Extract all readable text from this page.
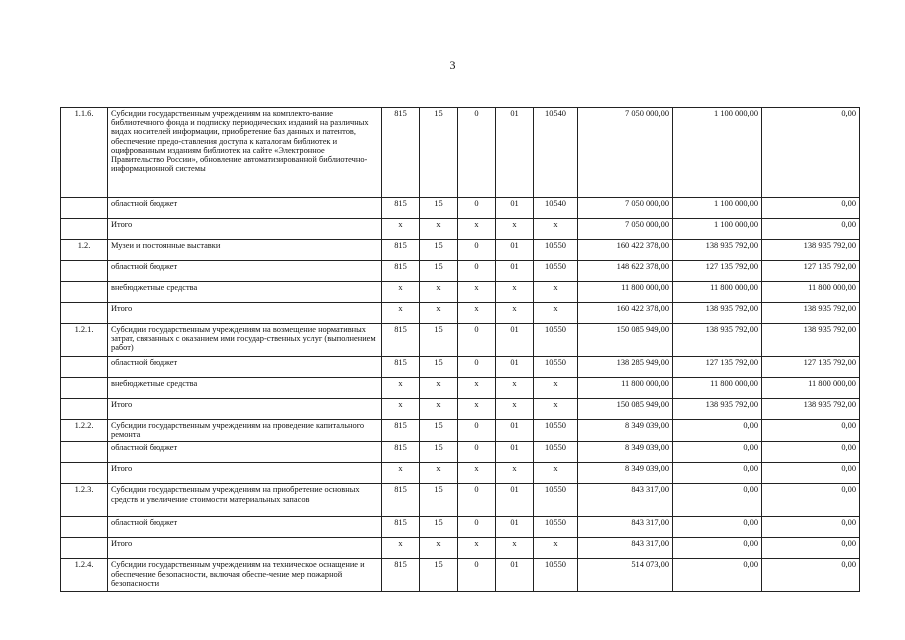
3
1.1.6.	Субсидии государственным учреждениям на комплекто-вание библиотечного фонда и подписку периодических изданий на различных видах носителей информации, приобретение баз данных и патентов, обеспечение предо-ставления доступа к каталогам библиотек и оцифрованным изданиям библиотек на сайте «Электронное Правительство России», обновление автоматизированной библиотечно-информационной системы	815	15	0	01	10540	7 050 000,00	1 100 000,00	0,00
	областной бюджет	815	15	0	01	10540	7 050 000,00	1 100 000,00	0,00
	Итого	x	x	x	x	x	7 050 000,00	1 100 000,00	0,00
1.2.	Музеи и постоянные выставки	815	15	0	01	10550	160 422 378,00	138 935 792,00	138 935 792,00
	областной бюджет	815	15	0	01	10550	148 622 378,00	127 135 792,00	127 135 792,00
	внебюджетные средства	x	x	x	x	x	11 800 000,00	11 800 000,00	11 800 000,00
	Итого	x	x	x	x	x	160 422 378,00	138 935 792,00	138 935 792,00
1.2.1.	Субсидии государственным учреждениям на возмещение нормативных затрат, связанных с оказанием ими государ-ственных услуг (выполнением работ)	815	15	0	01	10550	150 085 949,00	138 935 792,00	138 935 792,00
	областной бюджет	815	15	0	01	10550	138 285 949,00	127 135 792,00	127 135 792,00
	внебюджетные средства	x	x	x	x	x	11 800 000,00	11 800 000,00	11 800 000,00
	Итого	x	x	x	x	x	150 085 949,00	138 935 792,00	138 935 792,00
1.2.2.	Субсидии государственным учреждениям на проведение капитального ремонта	815	15	0	01	10550	8 349 039,00	0,00	0,00
	областной бюджет	815	15	0	01	10550	8 349 039,00	0,00	0,00
	Итого	x	x	x	x	x	8 349 039,00	0,00	0,00
1.2.3.	Субсидии государственным учреждениям на приобретение основных средств и увеличение стоимости материальных запасов	815	15	0	01	10550	843 317,00	0,00	0,00
	областной бюджет	815	15	0	01	10550	843 317,00	0,00	0,00
	Итого	x	x	x	x	x	843 317,00	0,00	0,00
1.2.4.	Субсидии государственным учреждениям на техническое оснащение и обеспечение безопасности, включая обеспе-чение мер пожарной безопасности	815	15	0	01	10550	514 073,00	0,00	0,00
